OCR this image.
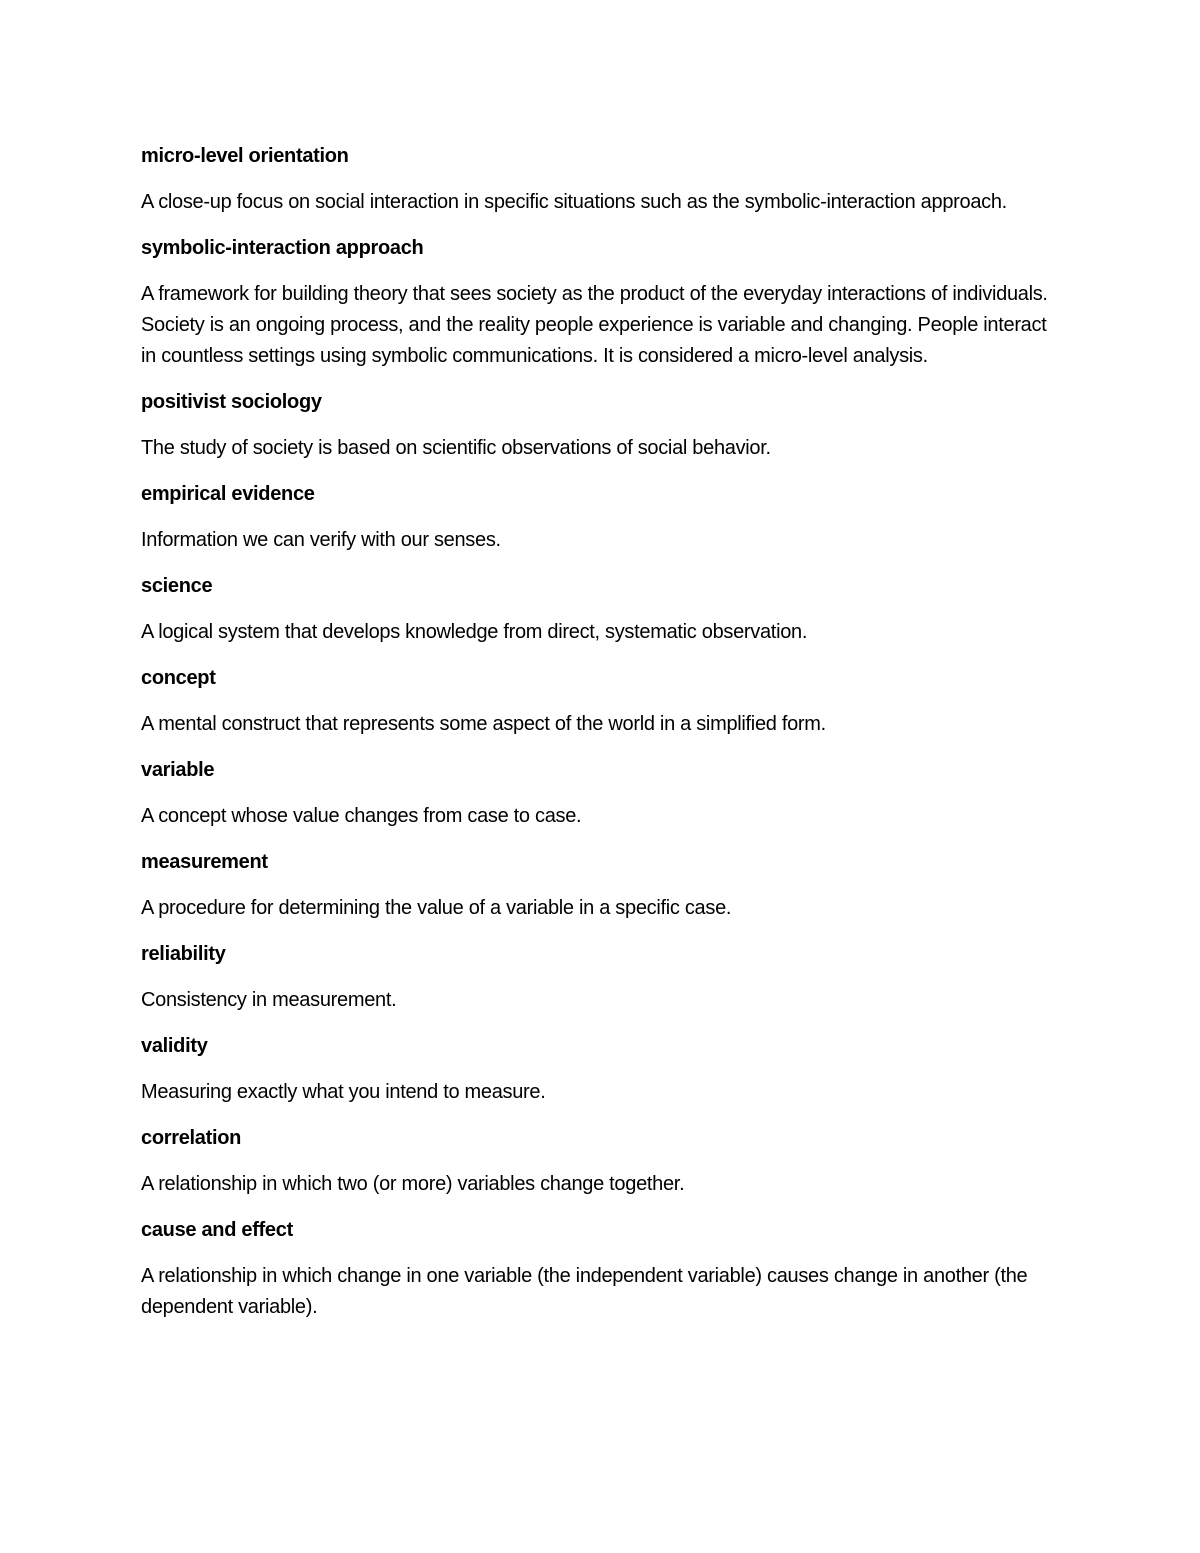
micro-level orientation

A close-up focus on social interaction in specific situations such as the symbolic-interaction approach.

symbolic-interaction approach

A framework for building theory that sees society as the product of the everyday interactions of individuals. Society is an ongoing process, and the reality people experience is variable and changing. People interact in countless settings using symbolic communications. It is considered a micro-level analysis.

positivist sociology

The study of society is based on scientific observations of social behavior.

empirical evidence

Information we can verify with our senses.

science

A logical system that develops knowledge from direct, systematic observation.

concept

A mental construct that represents some aspect of the world in a simplified form.

variable

A concept whose value changes from case to case.

measurement

A procedure for determining the value of a variable in a specific case.

reliability

Consistency in measurement.

validity

Measuring exactly what you intend to measure.

correlation

A relationship in which two (or more) variables change together.

cause and effect

A relationship in which change in one variable (the independent variable) causes change in another (the dependent variable).
